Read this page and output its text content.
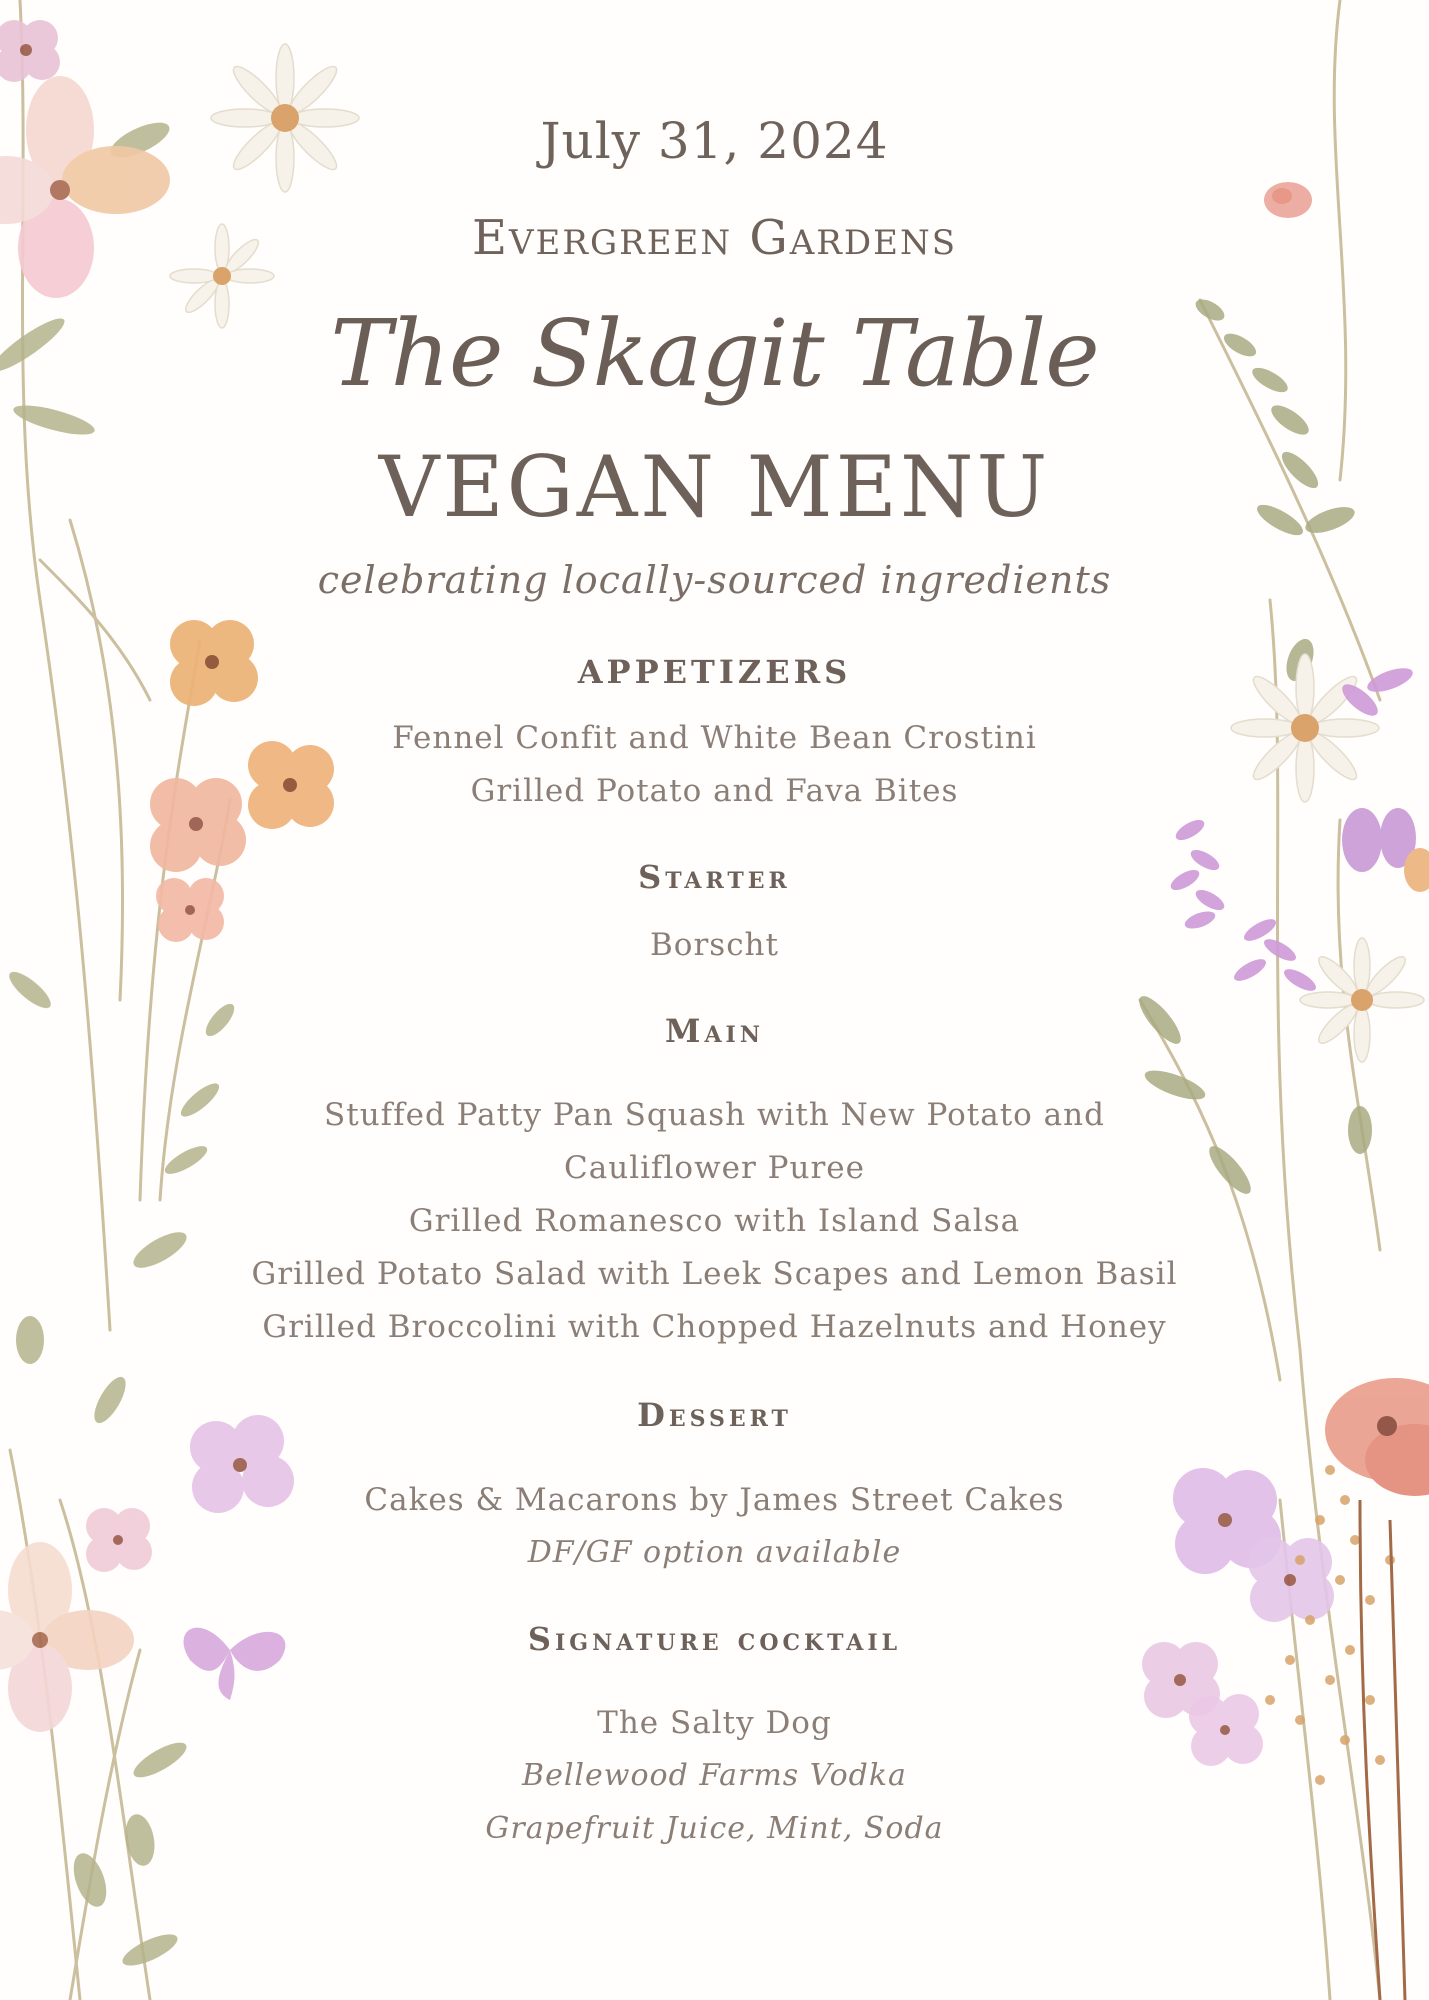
July 31, 2024
Evergreen Gardens
The Skagit Table
VEGAN MENU
celebrating locally-sourced ingredients
APPETIZERS
Fennel Confit and White Bean Crostini
Grilled Potato and Fava Bites
Starter
Borscht
Main
Stuffed Patty Pan Squash with New Potato and
Cauliflower Puree
Grilled Romanesco with Island Salsa
Grilled Potato Salad with Leek Scapes and Lemon Basil
Grilled Broccolini with Chopped Hazelnuts and Honey
Dessert
Cakes & Macarons by James Street Cakes
DF/GF option available
Signature cocktail
The Salty Dog
Bellewood Farms Vodka
Grapefruit Juice, Mint, Soda
